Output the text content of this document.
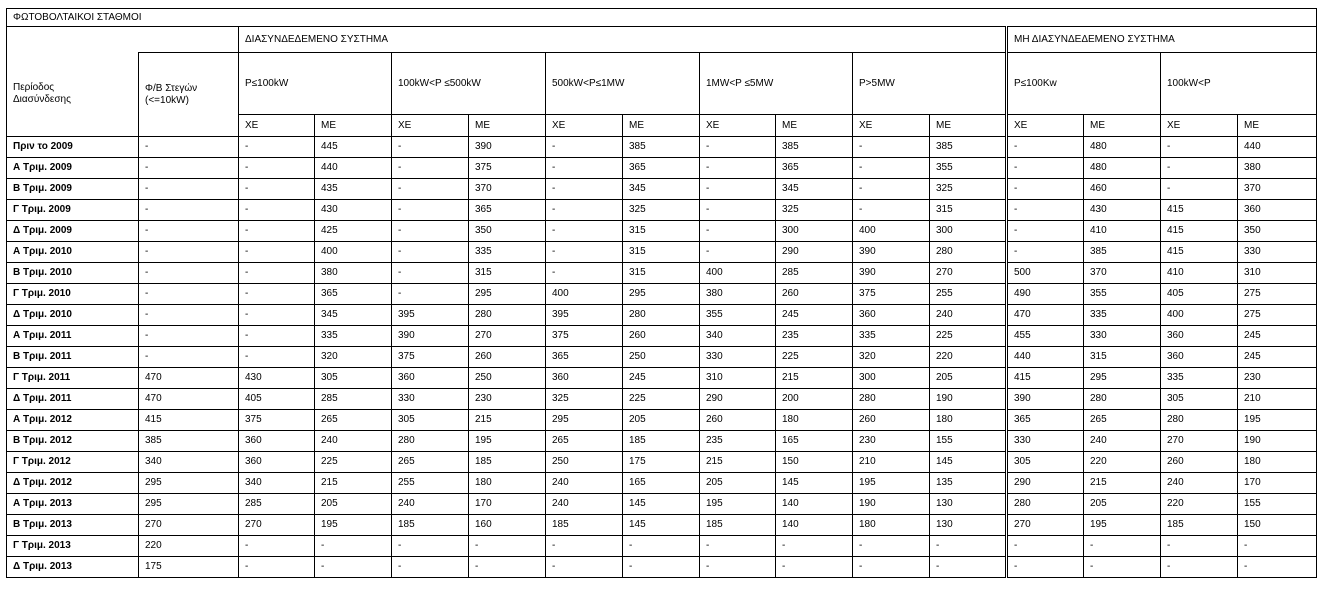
ΦΩΤΟΒΟΛΤΑΙΚΟΙ ΣΤΑΘΜΟΙ															
		ΔΙΑΣΥΝΔΕΔΕΜΕΝΟ ΣΥΣΤΗΜΑ										ΜΗ ΔΙΑΣΥΝΔΕΔΕΜΕΝΟ ΣΥΣΤΗΜΑ			
Περίοδος Διασύνδεσης	Φ/Β Στεγών (<=10kW)	P≤100kW		100kW<P ≤500kW		500kW<P≤1MW		1MW<P ≤5MW		P>5MW		P≤100Kw		100kW<P	
		ΧΕ	ΜΕ	ΧΕ	ΜΕ	ΧΕ	ΜΕ	ΧΕ	ΜΕ	ΧΕ	ΜΕ	ΧΕ	ΜΕ	ΧΕ	ΜΕ
Πριν το 2009	-	-	445	-	390	-	385	-	385	-	385	-	480	-	440
Α Τριμ. 2009	-	-	440	-	375	-	365	-	365	-	355	-	480	-	380
Β Τριμ. 2009	-	-	435	-	370	-	345	-	345	-	325	-	460	-	370
Γ Τριμ. 2009	-	-	430	-	365	-	325	-	325	-	315	-	430	415	360
Δ Τριμ. 2009	-	-	425	-	350	-	315	-	300	400	300	-	410	415	350
Α Τριμ. 2010	-	-	400	-	335	-	315	-	290	390	280	-	385	415	330
Β Τριμ. 2010	-	-	380	-	315	-	315	400	285	390	270	500	370	410	310
Γ Τριμ. 2010	-	-	365	-	295	400	295	380	260	375	255	490	355	405	275
Δ Τριμ. 2010	-	-	345	395	280	395	280	355	245	360	240	470	335	400	275
Α Τριμ. 2011	-	-	335	390	270	375	260	340	235	335	225	455	330	360	245
Β Τριμ. 2011	-	-	320	375	260	365	250	330	225	320	220	440	315	360	245
Γ Τριμ. 2011	470	430	305	360	250	360	245	310	215	300	205	415	295	335	230
Δ Τριμ. 2011	470	405	285	330	230	325	225	290	200	280	190	390	280	305	210
Α Τριμ. 2012	415	375	265	305	215	295	205	260	180	260	180	365	265	280	195
Β Τριμ. 2012	385	360	240	280	195	265	185	235	165	230	155	330	240	270	190
Γ Τριμ. 2012	340	360	225	265	185	250	175	215	150	210	145	305	220	260	180
Δ Τριμ. 2012	295	340	215	255	180	240	165	205	145	195	135	290	215	240	170
Α Τριμ. 2013	295	285	205	240	170	240	145	195	140	190	130	280	205	220	155
Β Τριμ. 2013	270	270	195	185	160	185	145	185	140	180	130	270	195	185	150
Γ Τριμ. 2013	220	-	-	-	-	-	-	-	-	-	-	-	-	-	-
Δ Τριμ. 2013	175	-	-	-	-	-	-	-	-	-	-	-	-	-	-
